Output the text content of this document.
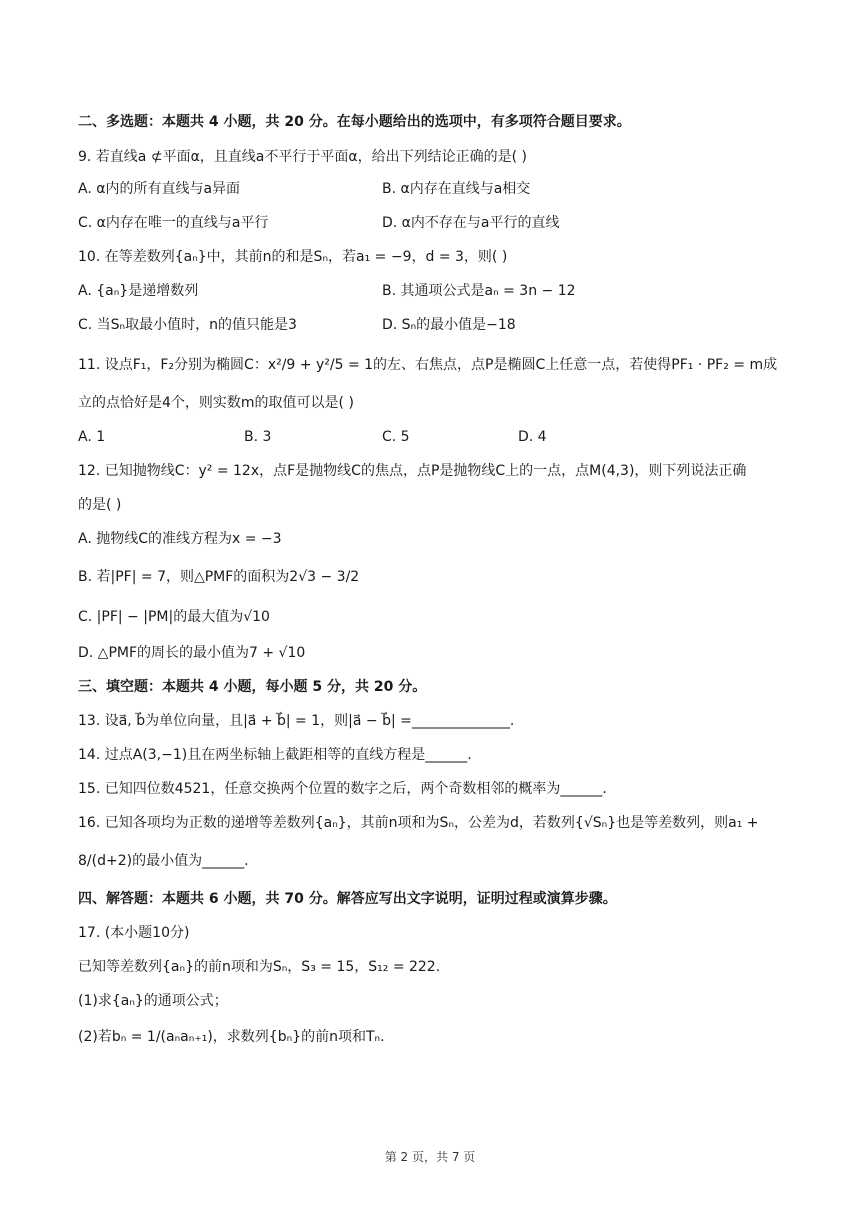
二、多选题：本题共 4 小题，共 20 分。在每小题给出的选项中，有多项符合题目要求。
9. 若直线a ⊄平面α，且直线a不平行于平面α，给出下列结论正确的是( )
A. α内的所有直线与a异面	B. α内存在直线与a相交
C. α内存在唯一的直线与a平行	D. α内不存在与a平行的直线
10. 在等差数列{aₙ}中，其前n的和是Sₙ，若a₁ = −9，d = 3，则( )
A. {aₙ}是递增数列	B. 其通项公式是aₙ = 3n − 12
C. 当Sₙ取最小值时，n的值只能是3	D. Sₙ的最小值是−18
11. 设点F₁，F₂分别为椭圆C：x²/9 + y²/5 = 1的左、右焦点，点P是椭圆C上任意一点，若使得PF₁ · PF₂ = m成
立的点恰好是4个，则实数m的取值可以是( )
A. 1	B. 3	C. 5	D. 4
12. 已知抛物线C：y² = 12x，点F是抛物线C的焦点，点P是抛物线C上的一点，点M(4,3)，则下列说法正确
的是( )
A. 抛物线C的准线方程为x = −3
B. 若|PF| = 7，则△PMF的面积为2√3 − 3/2
C. |PF| − |PM|的最大值为√10
D. △PMF的周长的最小值为7 + √10
三、填空题：本题共 4 小题，每小题 5 分，共 20 分。
13. 设a⃗, b⃗为单位向量，且|a⃗ + b⃗| = 1，则|a⃗ − b⃗| =______________.
14. 过点A(3,−1)且在两坐标轴上截距相等的直线方程是______.
15. 已知四位数4521，任意交换两个位置的数字之后，两个奇数相邻的概率为______.
16. 已知各项均为正数的递增等差数列{aₙ}，其前n项和为Sₙ，公差为d，若数列{√Sₙ}也是等差数列，则a₁ +
8/(d+2)的最小值为______.
四、解答题：本题共 6 小题，共 70 分。解答应写出文字说明，证明过程或演算步骤。
17. (本小题10分)
已知等差数列{aₙ}的前n项和为Sₙ，S₃ = 15，S₁₂ = 222.
(1)求{aₙ}的通项公式；
(2)若bₙ = 1/(aₙaₙ₊₁)，求数列{bₙ}的前n项和Tₙ.
第 2 页，共 7 页
